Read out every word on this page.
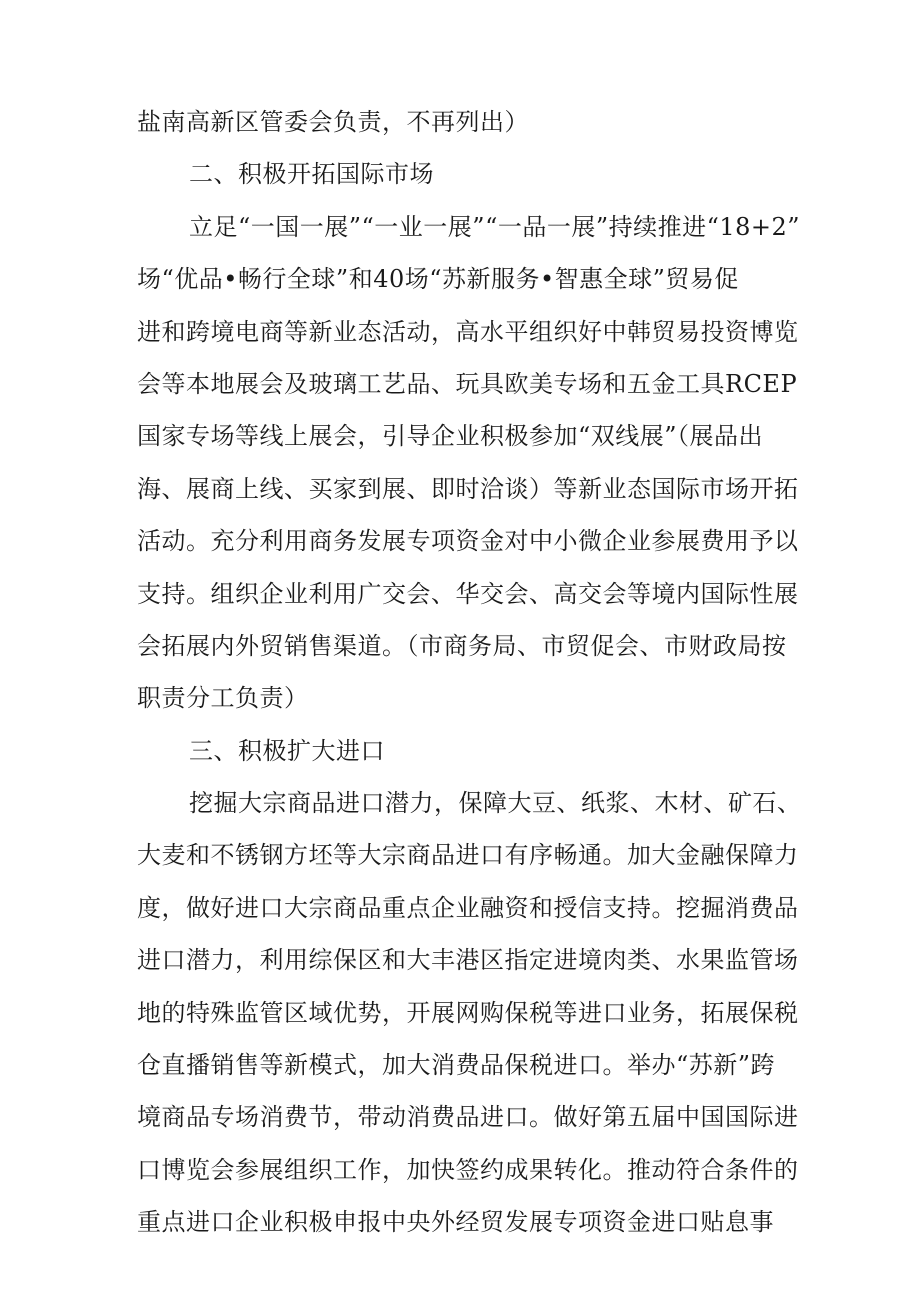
盐南高新区管委会负责，不再列出）
二、积极开拓国际市场
立足“一国一展”“一业一展”“一品一展”持续推进“18+2”
场“优品•畅行全球”和40场“苏新服务•智惠全球”贸易促
进和跨境电商等新业态活动，高水平组织好中韩贸易投资博览
会等本地展会及玻璃工艺品、玩具欧美专场和五金工具RCEP
国家专场等线上展会，引导企业积极参加“双线展”（展品出
海、展商上线、买家到展、即时洽谈）等新业态国际市场开拓
活动。充分利用商务发展专项资金对中小微企业参展费用予以
支持。组织企业利用广交会、华交会、高交会等境内国际性展
会拓展内外贸销售渠道。（市商务局、市贸促会、市财政局按
职责分工负责）
三、积极扩大进口
挖掘大宗商品进口潜力，保障大豆、纸浆、木材、矿石、
大麦和不锈钢方坯等大宗商品进口有序畅通。加大金融保障力
度，做好进口大宗商品重点企业融资和授信支持。挖掘消费品
进口潜力，利用综保区和大丰港区指定进境肉类、水果监管场
地的特殊监管区域优势，开展网购保税等进口业务，拓展保税
仓直播销售等新模式，加大消费品保税进口。举办“苏新”跨
境商品专场消费节，带动消费品进口。做好第五届中国国际进
口博览会参展组织工作，加快签约成果转化。推动符合条件的
重点进口企业积极申报中央外经贸发展专项资金进口贴息事
